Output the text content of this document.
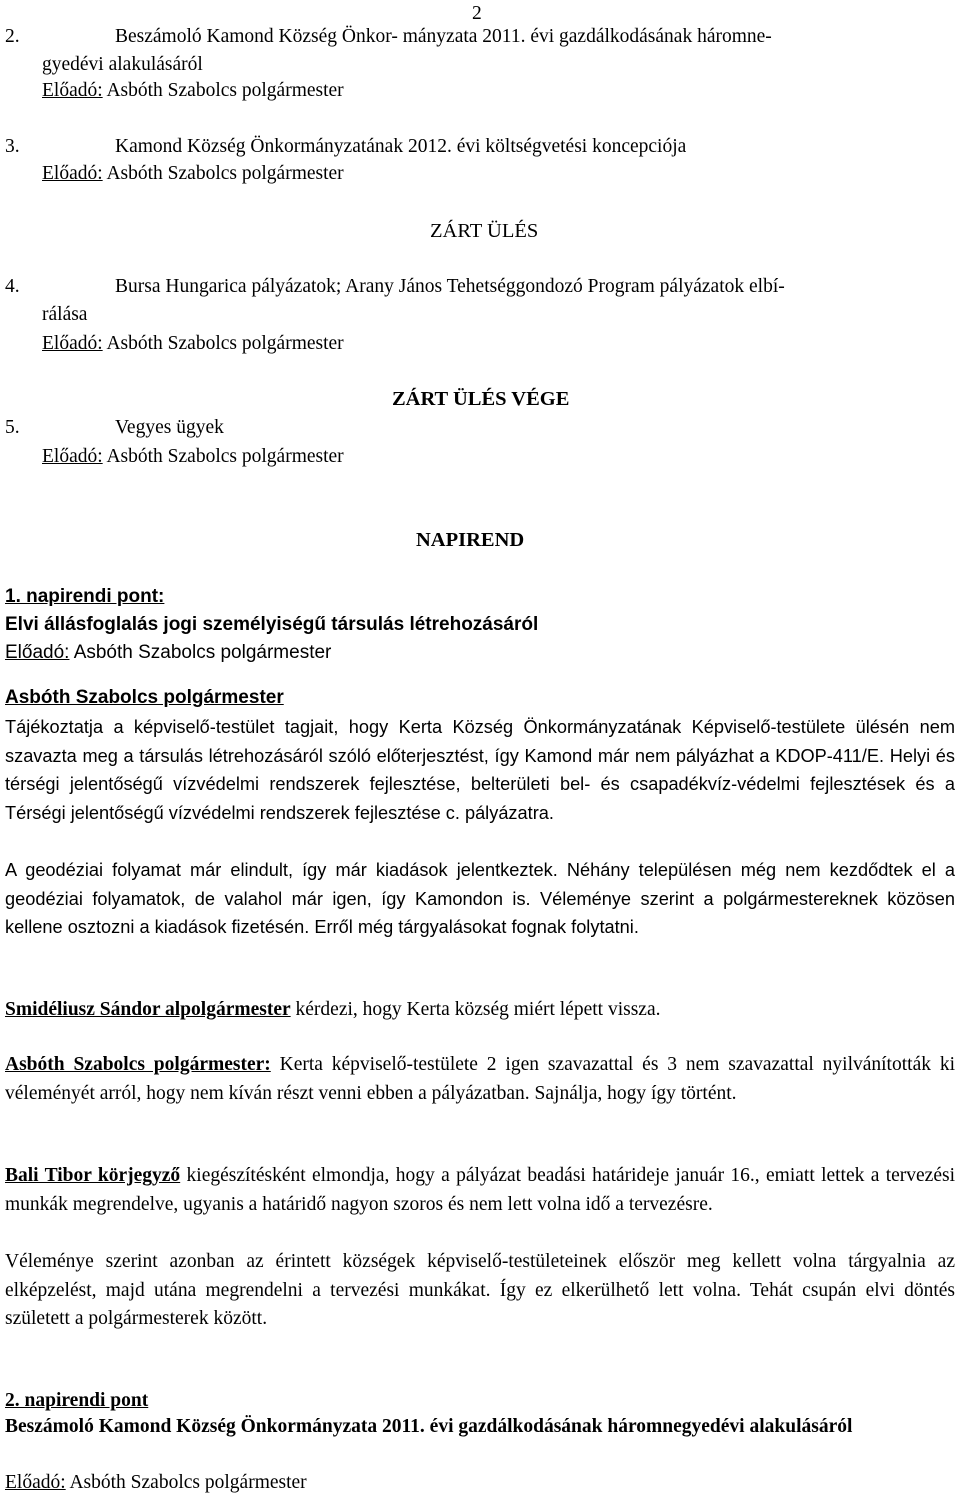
2
2.	Beszámoló Kamond Község Önkor- mányzata 2011. évi gazdálkodásának háromne-
gyedévi alakulásáról
Előadó: Asbóth Szabolcs polgármester
3.	Kamond Község Önkormányzatának 2012. évi költségvetési koncepciója
Előadó: Asbóth Szabolcs polgármester
ZÁRT ÜLÉS
4.	Bursa Hungarica pályázatok; Arany János Tehetséggondozó Program pályázatok elbí-
rálása
Előadó: Asbóth Szabolcs polgármester
ZÁRT ÜLÉS VÉGE
5.	Vegyes ügyek
Előadó: Asbóth Szabolcs polgármester
NAPIREND
1. napirendi pont:
Elvi állásfoglalás jogi személyiségű társulás létrehozásáról
Előadó: Asbóth Szabolcs polgármester
Asbóth Szabolcs polgármester

Tájékoztatja a képviselő-testület tagjait, hogy Kerta Község Önkormányzatának Képviselő-testülete ülésén nem szavazta meg a társulás létrehozásáról szóló előterjesztést, így Kamond már nem pályázhat a KDOP-411/E. Helyi és térségi jelentőségű vízvédelmi rendszerek fejlesztése, belterületi bel- és csapadékvíz-védelmi fejlesztések és a Térségi jelentőségű vízvédelmi rendszerek fejlesztése c. pályázatra.

A geodéziai folyamat már elindult, így már kiadások jelentkeztek. Néhány településen még nem kezdődtek el a geodéziai folyamatok, de valahol már igen, így Kamondon is. Véleménye szerint a polgármestereknek közösen kellene osztozni a kiadások fizetésén. Erről még tárgyalásokat fognak folytatni.

Smidéliusz Sándor alpolgármester kérdezi, hogy Kerta község miért lépett vissza.

Asbóth Szabolcs polgármester: Kerta képviselő-testülete 2 igen szavazattal és 3 nem szavazattal nyilvánították ki véleményét arról, hogy nem kíván részt venni ebben a pályázatban. Sajnálja, hogy így történt.

Bali Tibor körjegyző kiegészítésként elmondja, hogy a pályázat beadási határideje január 16., emiatt lettek a tervezési munkák megrendelve, ugyanis a határidő nagyon szoros és nem lett volna idő a tervezésre.

Véleménye szerint azonban az érintett községek képviselő-testületeinek először meg kellett volna tárgyalnia az elképzelést, majd utána megrendelni a tervezési munkákat. Így ez elkerülhető lett volna. Tehát csupán elvi döntés született a polgármesterek között.

2. napirendi pont

Beszámoló Kamond Község Önkormányzata 2011. évi gazdálkodásának háromnegyedévi alakulásáról

Előadó: Asbóth Szabolcs polgármester
